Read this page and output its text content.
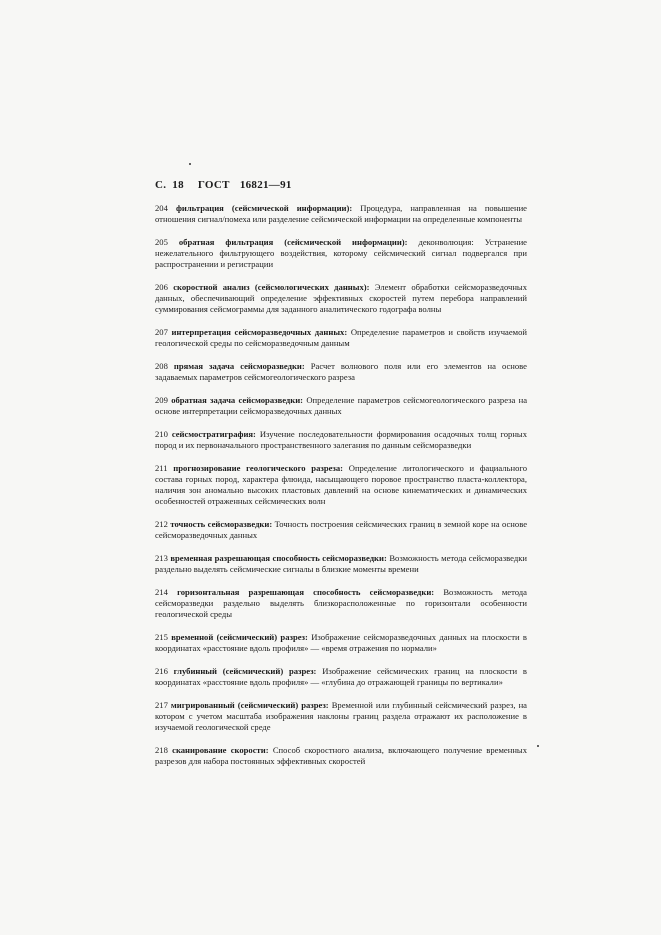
С. 18 ГОСТ 16821—91

204 фильтрация (сейсмической информации): Процедура, направленная на повышение отношения сигнал/помеха или разделение сейсмической информации на определенные компоненты

205 обратная фильтрация (сейсмической информации): деконволюция: Устранение нежелательного фильтрующего воздействия, которому сейсмический сигнал подвергался при распространении и регистрации

206 скоростной анализ (сейсмологических данных): Элемент обработки сейсморазведочных данных, обеспечивающий определение эффективных скоростей путем перебора направлений суммирования сейсмограммы для заданного аналитического годографа волны

207 интерпретация сейсморазведочных данных: Определение параметров и свойств изучаемой геологической среды по сейсморазведочным данным

208 прямая задача сейсморазведки: Расчет волнового поля или его элементов на основе задаваемых параметров сейсмогеологического разреза

209 обратная задача сейсморазведки: Определение параметров сейсмогеологического разреза на основе интерпретации сейсморазведочных данных

210 сейсмостратиграфия: Изучение последовательности формирования осадочных толщ горных пород и их первоначального пространственного залегания по данным сейсморазведки

211 прогнозирование геологического разреза: Определение литологического и фациального состава горных пород, характера флюида, насыщающего поровое пространство пласта-коллектора, наличия зон аномально высоких пластовых давлений на основе кинематических и динамических особенностей отраженных сейсмических волн

212 точность сейсморазведки: Точность построения сейсмических границ в земной коре на основе сейсморазведочных данных

213 временная разрешающая способность сейсморазведки: Возможность метода сейсморазведки раздельно выделять сейсмические сигналы в близкие моменты времени

214 горизонтальная разрешающая способность сейсморазведки: Возможность метода сейсморазведки раздельно выделять близкорасположенные по горизонтали особенности геологической среды

215 временной (сейсмический) разрез: Изображение сейсморазведочных данных на плоскости в координатах «расстояние вдоль профиля» — «время отражения по нормали»

216 глубинный (сейсмический) разрез: Изображение сейсмических границ на плоскости в координатах «расстояние вдоль профиля» — «глубина до отражающей границы по вертикали»

217 мигрированный (сейсмический) разрез: Временной или глубинный сейсмический разрез, на котором с учетом масштаба изображения наклоны границ раздела отражают их расположение в изучаемой геологической среде

218 сканирование скорости: Способ скоростного анализа, включающего получение временных разрезов для набора постоянных эффективных скоростей
